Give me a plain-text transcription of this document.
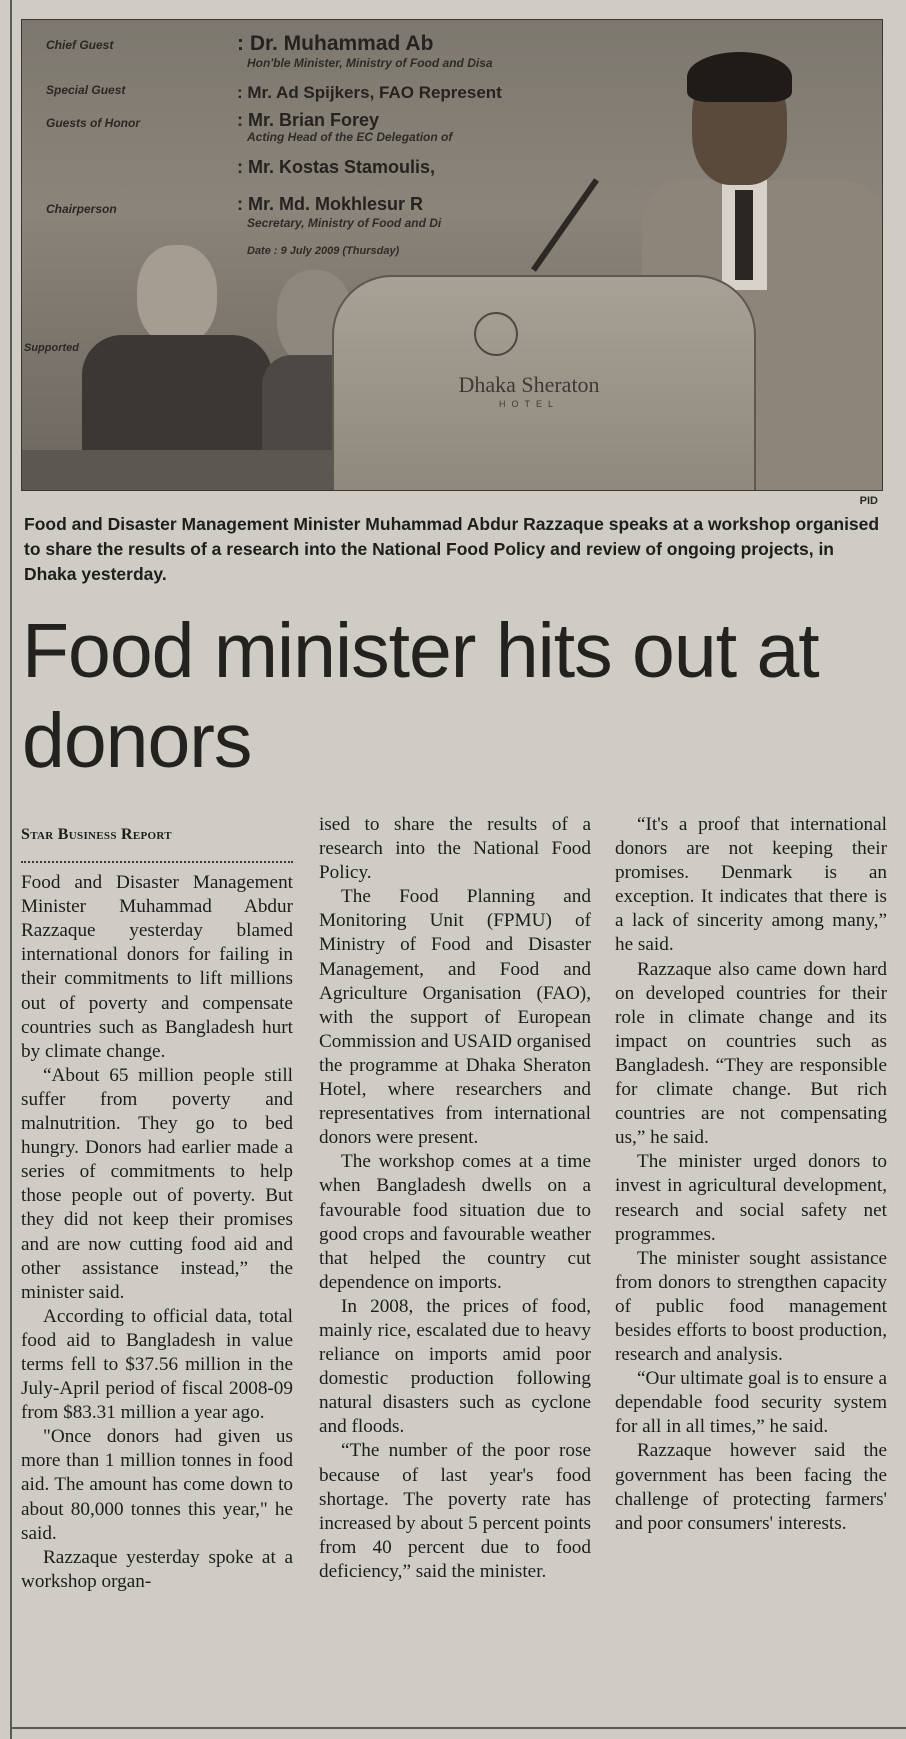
Chief Guest	: Dr. Muhammad Ab
Hon'ble Minister, Ministry of Food and Disa
Special Guest	: Mr. Ad Spijkers, FAO Represent
Guests of Honor	: Mr. Brian Forey
Acting Head of the EC Delegation of
: Mr. Kostas Stamoulis,
Chairperson	: Mr. Md. Mokhlesur R
Secretary, Ministry of Food and Di
Date : 9 July 2009 (Thursday)
Supported
Dhaka Sheraton
HOTEL
PID
Food and Disaster Management Minister Muhammad Abdur Razzaque speaks at a workshop organised to share the results of a research into the National Food Policy and review of ongoing projects, in Dhaka yesterday.
Food minister hits out at donors
Star Business Report

Food and Disaster Management Minister Muhammad Abdur Razzaque yesterday blamed international donors for failing in their commitments to lift millions out of poverty and compensate countries such as Bangladesh hurt by climate change.

“About 65 million people still suffer from poverty and malnutrition. They go to bed hungry. Donors had earlier made a series of commitments to help those people out of poverty. But they did not keep their promises and are now cutting food aid and other assistance instead,” the minister said.

According to official data, total food aid to Bangladesh in value terms fell to $37.56 million in the July-April period of fiscal 2008-09 from $83.31 million a year ago.

"Once donors had given us more than 1 million tonnes in food aid. The amount has come down to about 80,000 tonnes this year," he said.

Razzaque yesterday spoke at a workshop organ-

ised to share the results of a research into the National Food Policy.

The Food Planning and Monitoring Unit (FPMU) of Ministry of Food and Disaster Management, and Food and Agriculture Organisation (FAO), with the support of European Commission and USAID organised the programme at Dhaka Sheraton Hotel, where researchers and representatives from international donors were present.

The workshop comes at a time when Bangladesh dwells on a favourable food situation due to good crops and favourable weather that helped the country cut dependence on imports.

In 2008, the prices of food, mainly rice, escalated due to heavy reliance on imports amid poor domestic production following natural disasters such as cyclone and floods.

“The number of the poor rose because of last year's food shortage. The poverty rate has increased by about 5 percent points from 40 percent due to food deficiency,” said the minister.

“It's a proof that international donors are not keeping their promises. Denmark is an exception. It indicates that there is a lack of sincerity among many,” he said.

Razzaque also came down hard on developed countries for their role in climate change and its impact on countries such as Bangladesh. “They are responsible for climate change. But rich countries are not compensating us,” he said.

The minister urged donors to invest in agricultural development, research and social safety net programmes.

The minister sought assistance from donors to strengthen capacity of public food management besides efforts to boost production, research and analysis.

“Our ultimate goal is to ensure a dependable food security system for all in all times,” he said.

Razzaque however said the government has been facing the challenge of protecting farmers' and poor consumers' interests.
